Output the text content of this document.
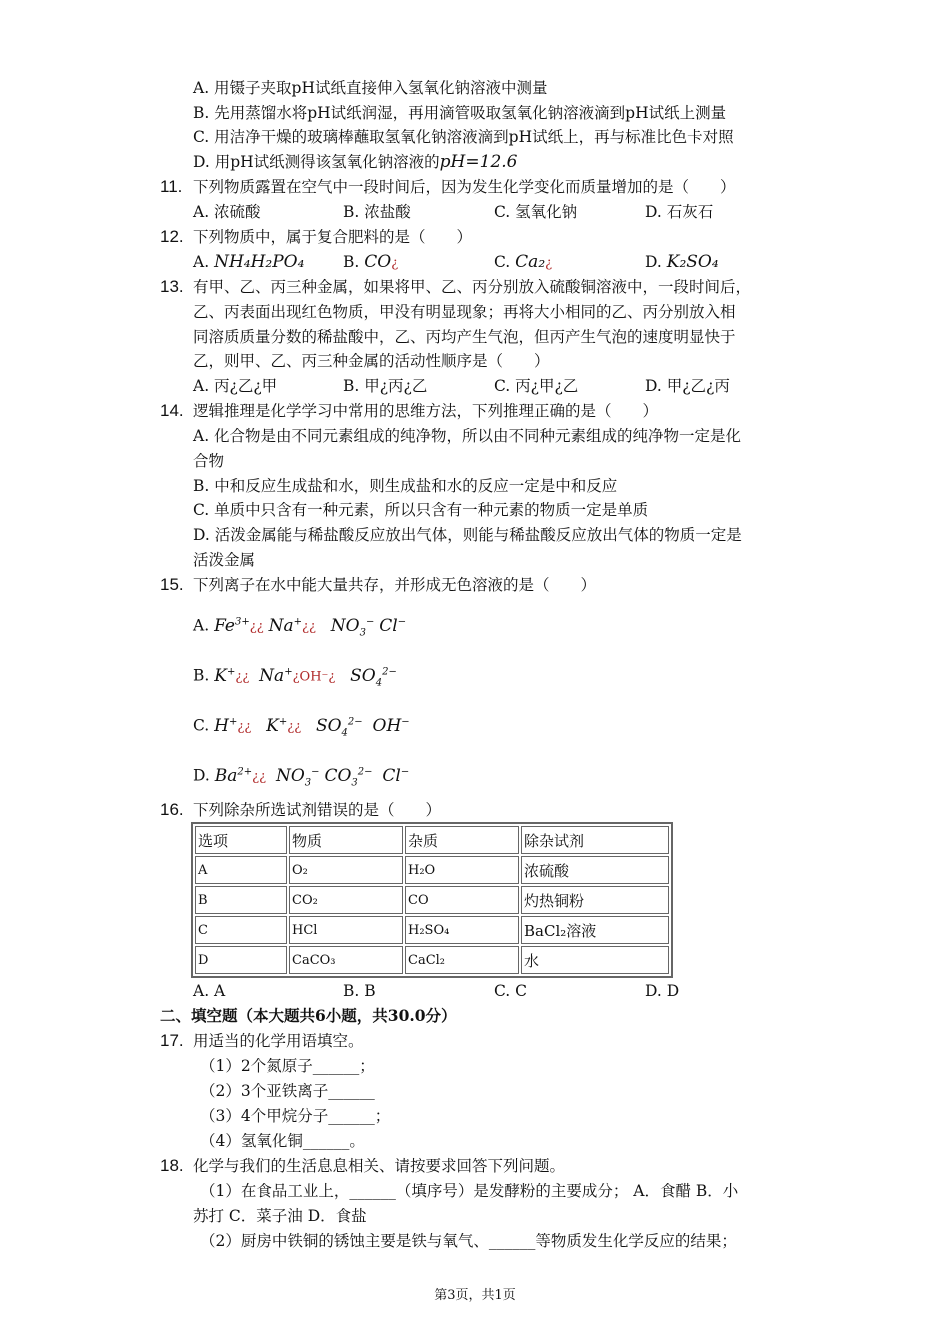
A. 用镊子夹取pH试纸直接伸入氢氧化钠溶液中测量
B. 先用蒸馏水将pH试纸润湿，再用滴管吸取氢氧化钠溶液滴到pH试纸上测量
C. 用洁净干燥的玻璃棒蘸取氢氧化钠溶液滴到pH试纸上，再与标准比色卡对照
D. 用pH试纸测得该氢氧化钠溶液的pH=12.6
11. 下列物质露置在空气中一段时间后，因为发生化学变化而质量增加的是（　　）
A. 浓硫酸	B. 浓盐酸	C. 氢氧化钠	D. 石灰石
12. 下列物质中，属于复合肥料的是（　　）
A. NH₄H₂PO₄ B. CO¿	C. Ca₂¿	D. K₂SO₄
13. 有甲、乙、丙三种金属，如果将甲、乙、丙分别放入硫酸铜溶液中，一段时间后，
乙、丙表面出现红色物质，甲没有明显现象；再将大小相同的乙、丙分别放入相
同溶质质量分数的稀盐酸中，乙、丙均产生气泡，但丙产生气泡的速度明显快于
乙，则甲、乙、丙三种金属的活动性顺序是（　　）
A. 丙¿乙¿甲	B. 甲¿丙¿乙	C. 丙¿甲¿乙	D. 甲¿乙¿丙
14. 逻辑推理是化学学习中常用的思维方法，下列推理正确的是（　　）
A. 化合物是由不同元素组成的纯净物，所以由不同种元素组成的纯净物一定是化
合物
B. 中和反应生成盐和水，则生成盐和水的反应一定是中和反应
C. 单质中只含有一种元素，所以只含有一种元素的物质一定是单质
D. 活泼金属能与稀盐酸反应放出气体，则能与稀盐酸反应放出气体的物质一定是
活泼金属
15. 下列离子在水中能大量共存，并形成无色溶液的是（　　）
A. $Fe^{3+}¿¿$ Na+¿¿ $NO_3^-$ Cl−
B. K+¿¿ Na+¿OH⁻¿ $SO_4^{2-}$
C. H+¿¿ K+¿¿ $SO_4^{2-}$ OH−
D. $Ba^{2+}¿¿$ $NO_3^-$ $CO_3^{2-}$ Cl−
16. 下列除杂所选试剂错误的是（　　）
选项	物质	杂质	除杂试剂
A	O₂	H₂O	浓硫酸
B	CO₂	CO	灼热铜粉
C	HCl	H₂SO₄	BaCl₂溶液
D	CaCO₃	CaCl₂	水
A. A	B. B	C. C	D. D
二、填空题（本大题共6小题，共30.0分）
17. 用适当的化学用语填空。
（1）2个氮原子______；
（2）3个亚铁离子______
（3）4个甲烷分子______；
（4）氢氧化铜______。
18. 化学与我们的生活息息相关、请按要求回答下列问题。
（1）在食品工业上，______（填序号）是发酵粉的主要成分； A．食醋 B．小
苏打 C．菜子油 D．食盐
（2）厨房中铁铜的锈蚀主要是铁与氧气、______等物质发生化学反应的结果；
第3页，共1页
